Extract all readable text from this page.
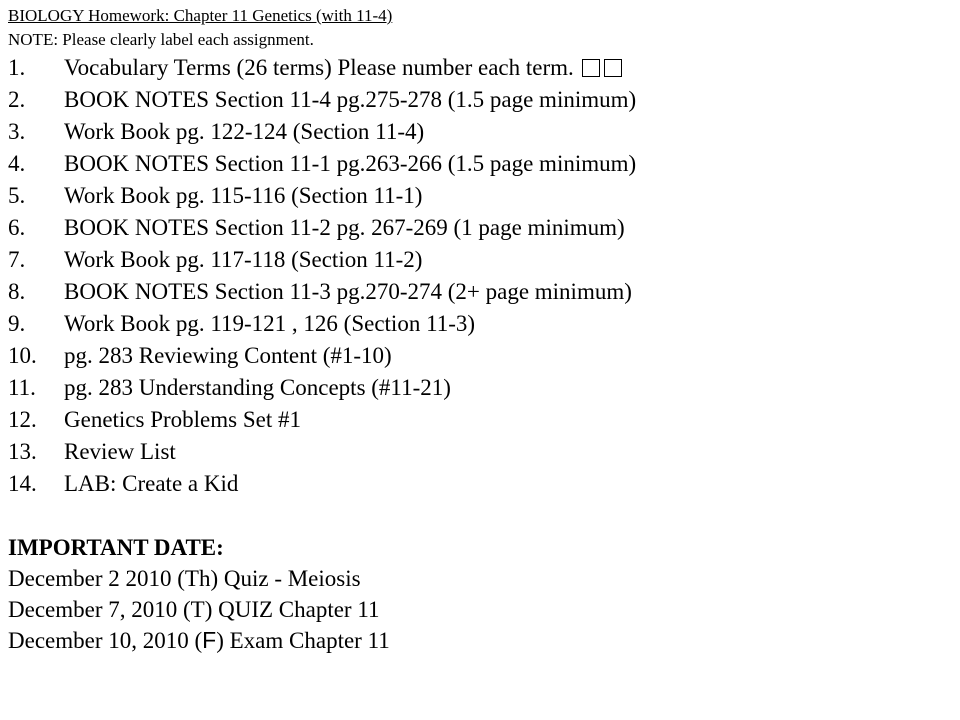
BIOLOGY Homework: Chapter 11 Genetics (with 11-4)
NOTE: Please clearly label each assignment.
1.	Vocabulary Terms (26 terms) Please number each term.
2.	BOOK NOTES Section 11-4 pg.275-278 (1.5 page minimum)
3.	Work Book pg. 122-124 (Section 11-4)
4.	BOOK NOTES Section 11-1 pg.263-266 (1.5 page minimum)
5.	Work Book pg. 115-116 (Section 11-1)
6.	BOOK NOTES Section 11-2 pg. 267-269 (1 page minimum)
7.	Work Book pg. 117-118 (Section 11-2)
8.	BOOK NOTES Section 11-3 pg.270-274 (2+ page minimum)
9.	Work Book pg. 119-121 , 126 (Section 11-3)
10.	pg. 283 Reviewing Content (#1-10)
11.	pg. 283 Understanding Concepts (#11-21)
12.	Genetics Problems Set #1
13.	Review List
14.	LAB: Create a Kid
IMPORTANT DATE:
December 2 2010 (Th) Quiz - Meiosis
December 7, 2010 (T) QUIZ Chapter 11
December 10, 2010 (F) Exam Chapter 11
